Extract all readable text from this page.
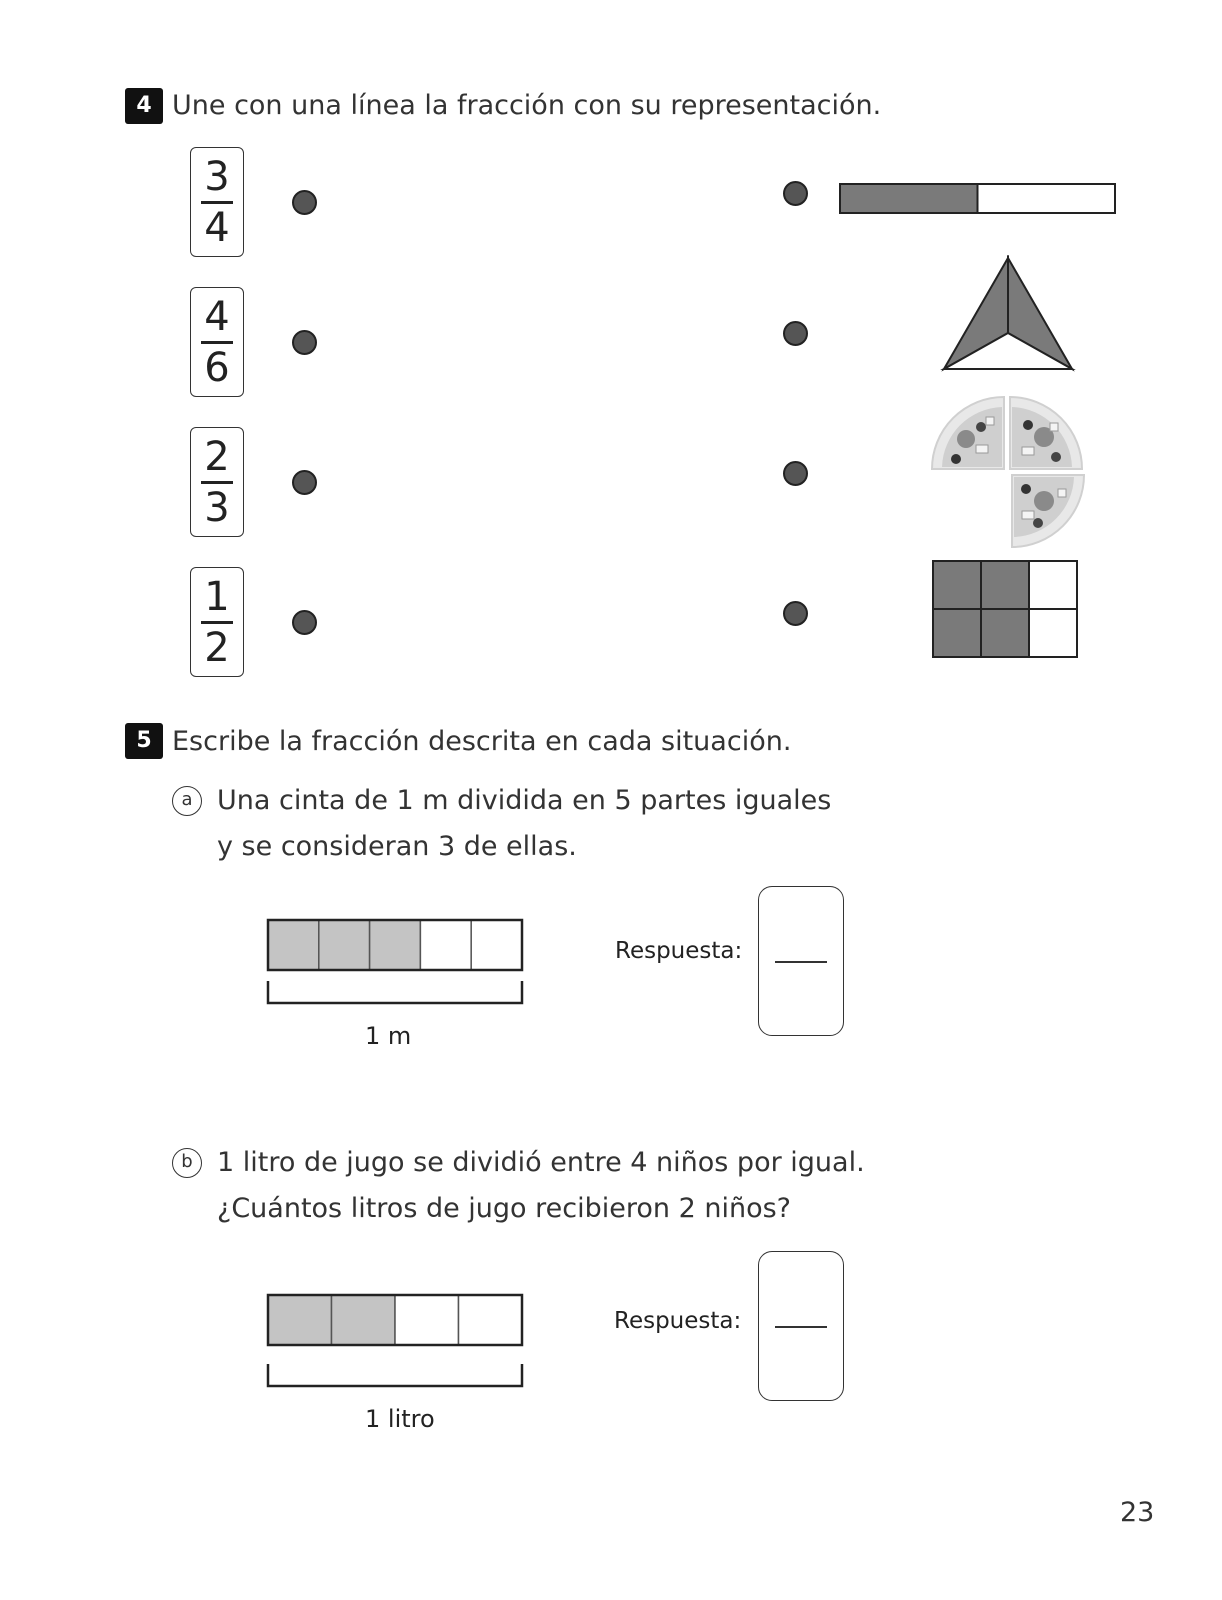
4 Une con una línea la fracción con su representación.
3
4
4
6
2
3
1
2
5 Escribe la fracción descrita en cada situación.
a Una cinta de 1 m dividida en 5 partes iguales
y se consideran 3 de ellas.
1 m
Respuesta:
b 1 litro de jugo se dividió entre 4 niños por igual.
¿Cuántos litros de jugo recibieron 2 niños?
1 litro
Respuesta:
23
